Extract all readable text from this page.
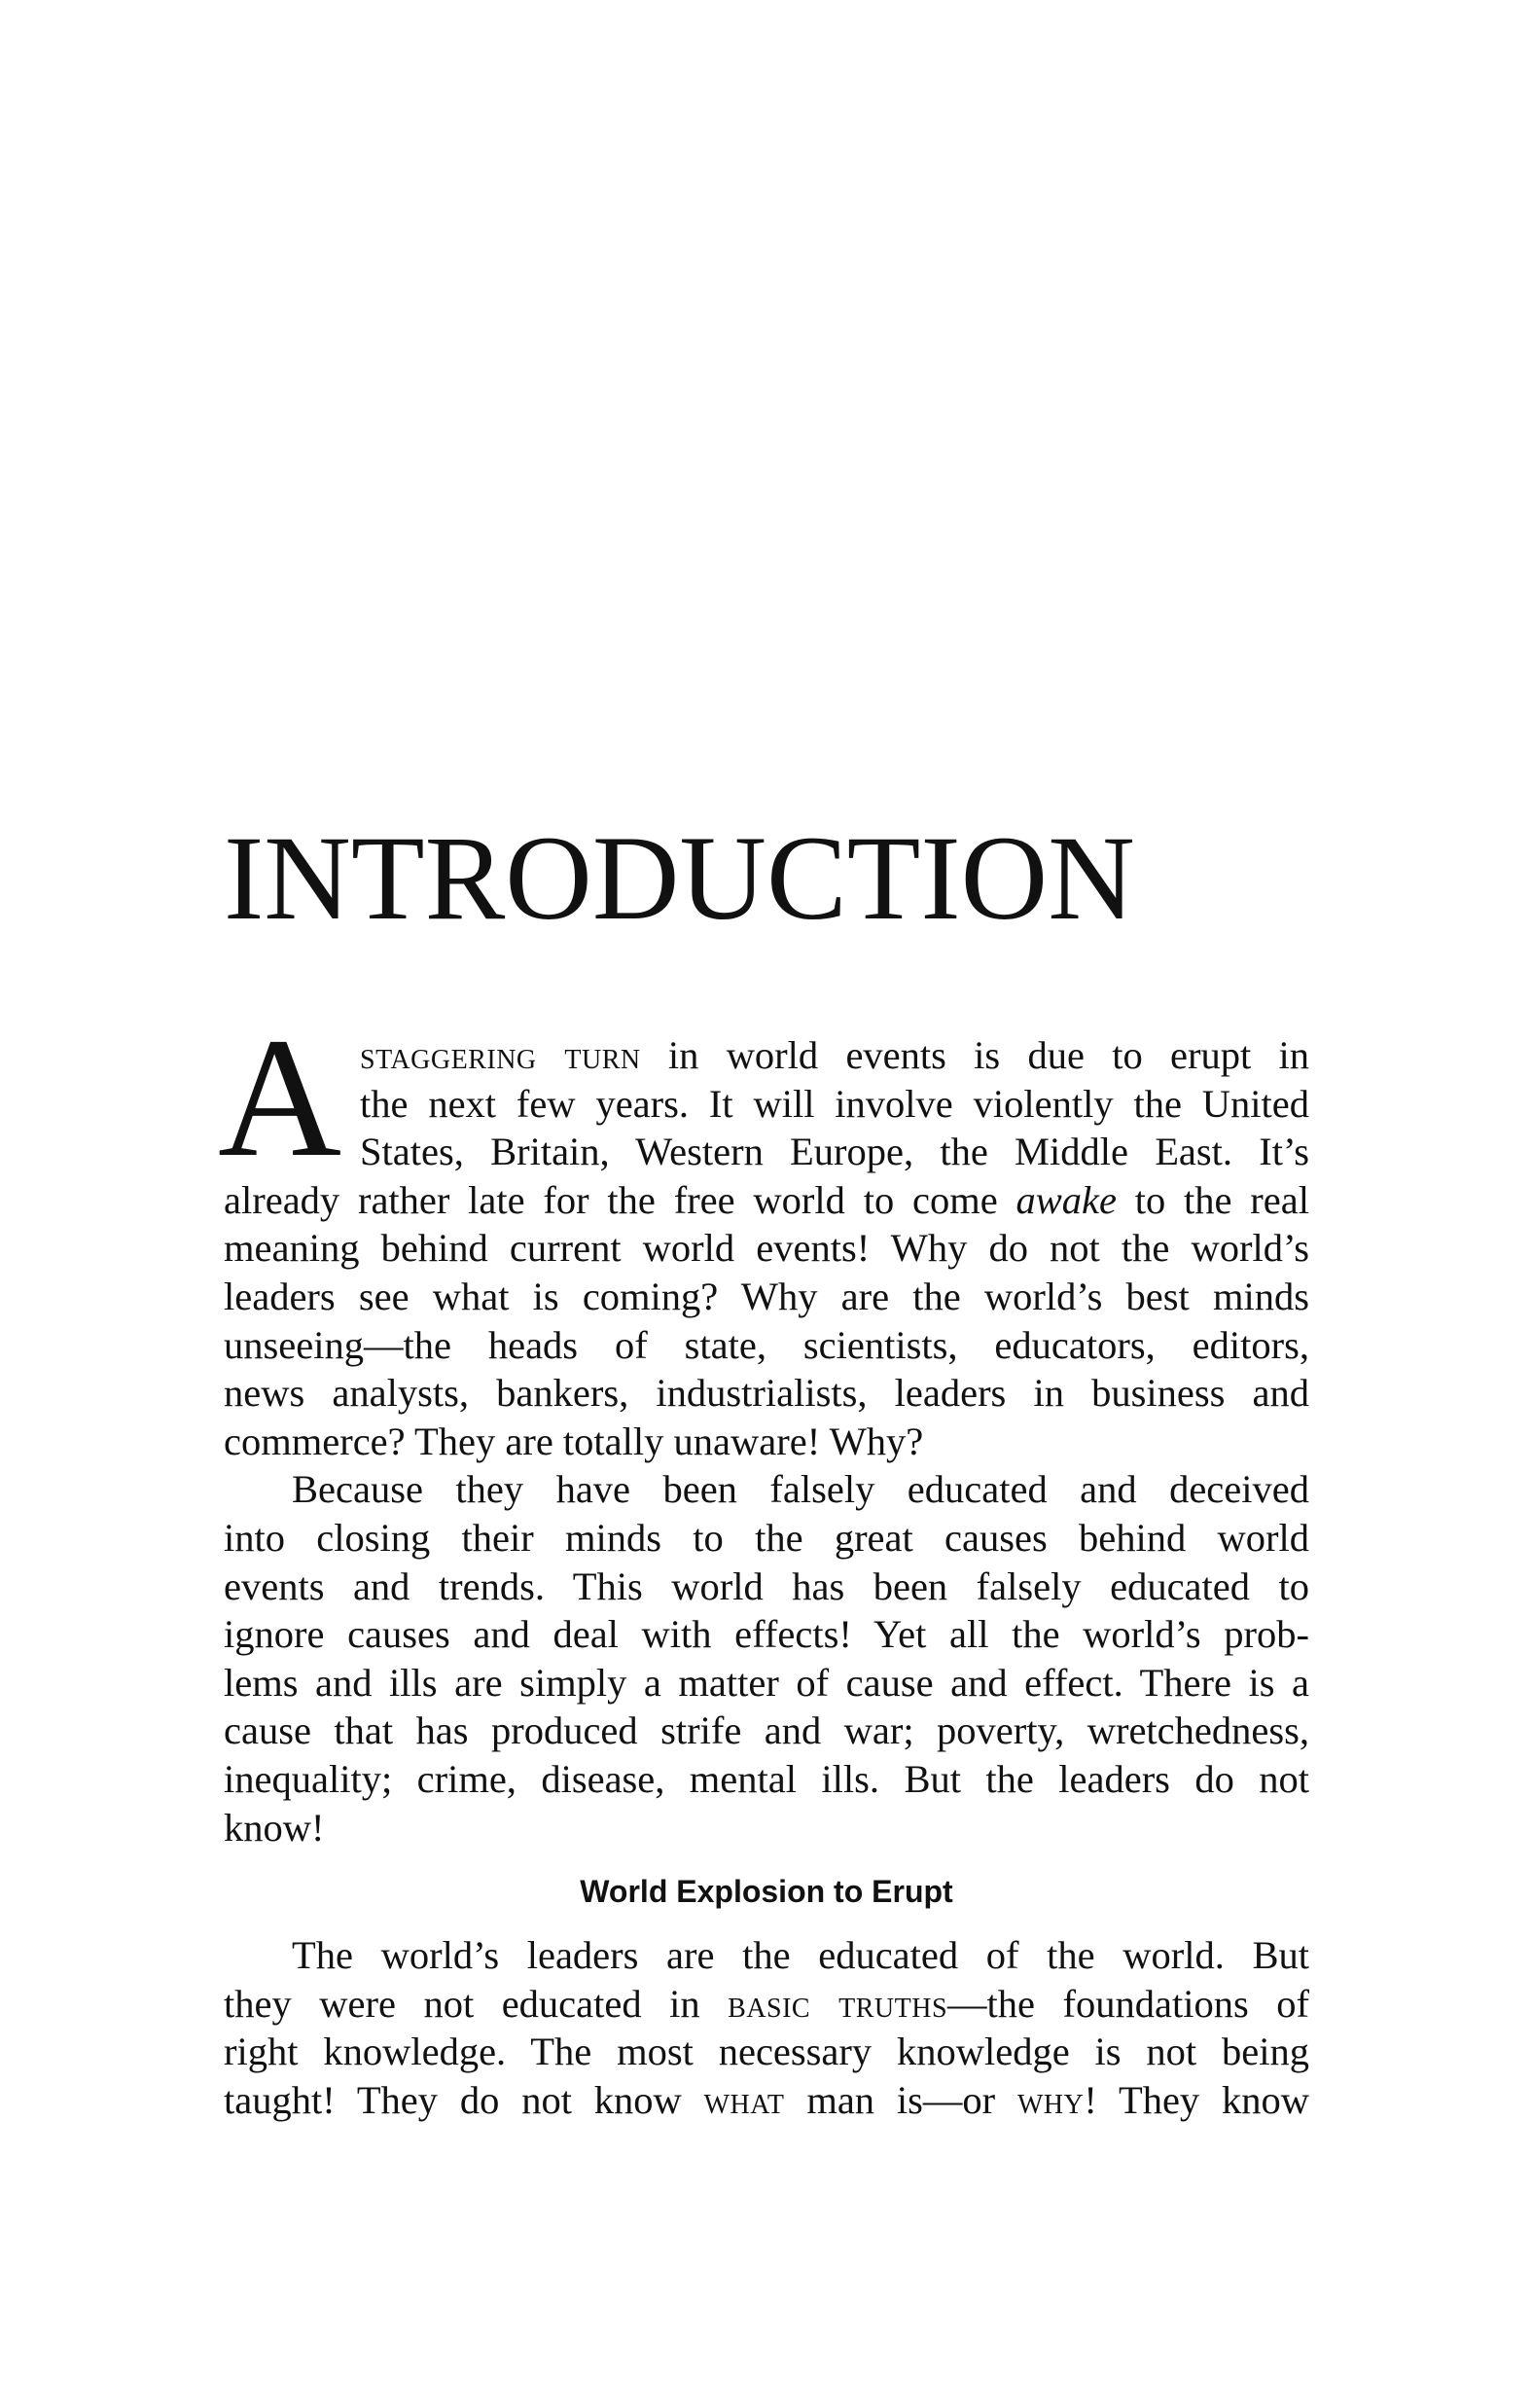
INTRODUCTION
A staggering turn in world events is due to erupt in
the next few years. It will involve violently the United
States, Britain, Western Europe, the Middle East. It’s
already rather late for the free world to come awake to the real
meaning behind current world events! Why do not the world’s
leaders see what is coming? Why are the world’s best minds
unseeing—the heads of state, scientists, educators, editors,
news analysts, bankers, industrialists, leaders in business and
commerce? They are totally unaware! Why?
Because they have been falsely educated and deceived
into closing their minds to the great causes behind world
events and trends. This world has been falsely educated to
ignore causes and deal with effects! Yet all the world’s prob-
lems and ills are simply a matter of cause and effect. There is a
cause that has produced strife and war; poverty, wretchedness,
inequality; crime, disease, mental ills. But the leaders do not
know!
World Explosion to Erupt
The world’s leaders are the educated of the world. But
they were not educated in basic truths—the foundations of
right knowledge. The most necessary knowledge is not being
taught! They do not know what man is—or why! They know
